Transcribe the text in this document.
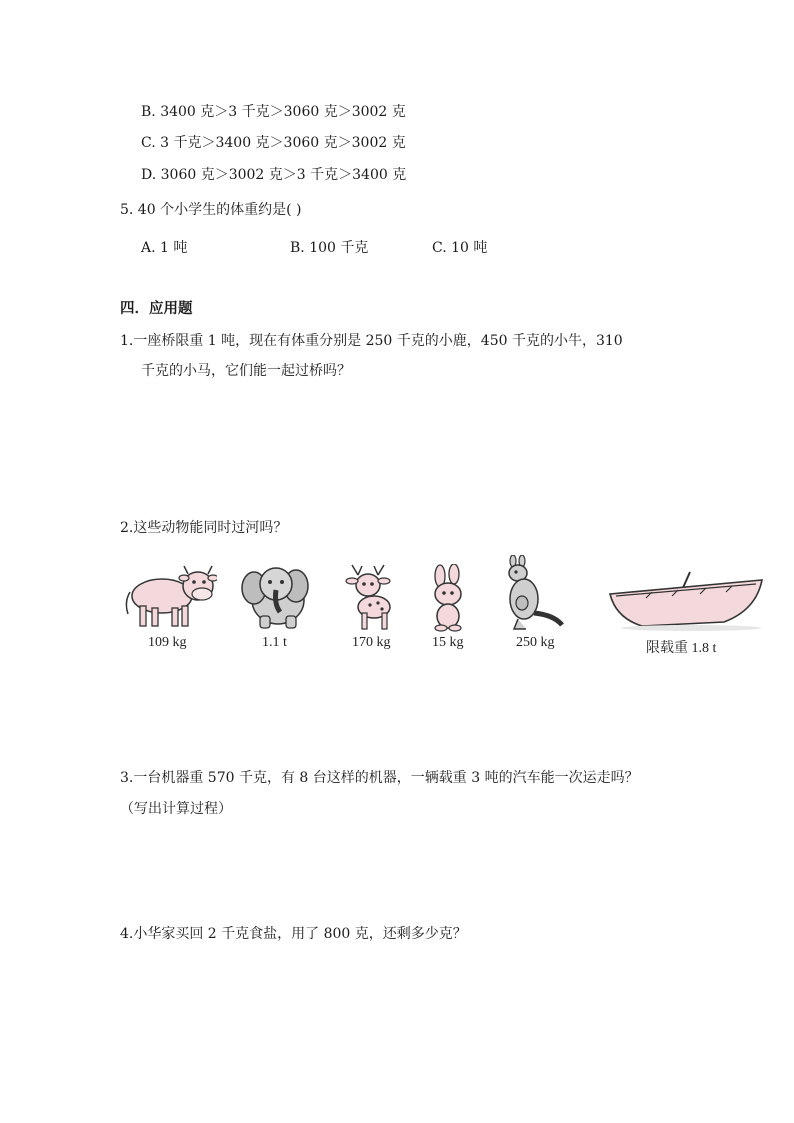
B. 3400 克＞3 千克＞3060 克＞3002 克
C. 3 千克＞3400 克＞3060 克＞3002 克
D. 3060 克＞3002 克＞3 千克＞3400 克
5. 40 个小学生的体重约是( )
A. 1 吨	B. 100 千克	C. 10 吨
四．应用题
1.一座桥限重 1 吨，现在有体重分别是 250 千克的小鹿，450 千克的小牛，310
千克的小马，它们能一起过桥吗？
2.这些动物能同时过河吗？
109 kg	1.1 t	170 kg	15 kg	250 kg	限载重 1.8 t
3.一台机器重 570 千克，有 8 台这样的机器，一辆载重 3 吨的汽车能一次运走吗？
（写出计算过程）
4.小华家买回 2 千克食盐，用了 800 克，还剩多少克？
